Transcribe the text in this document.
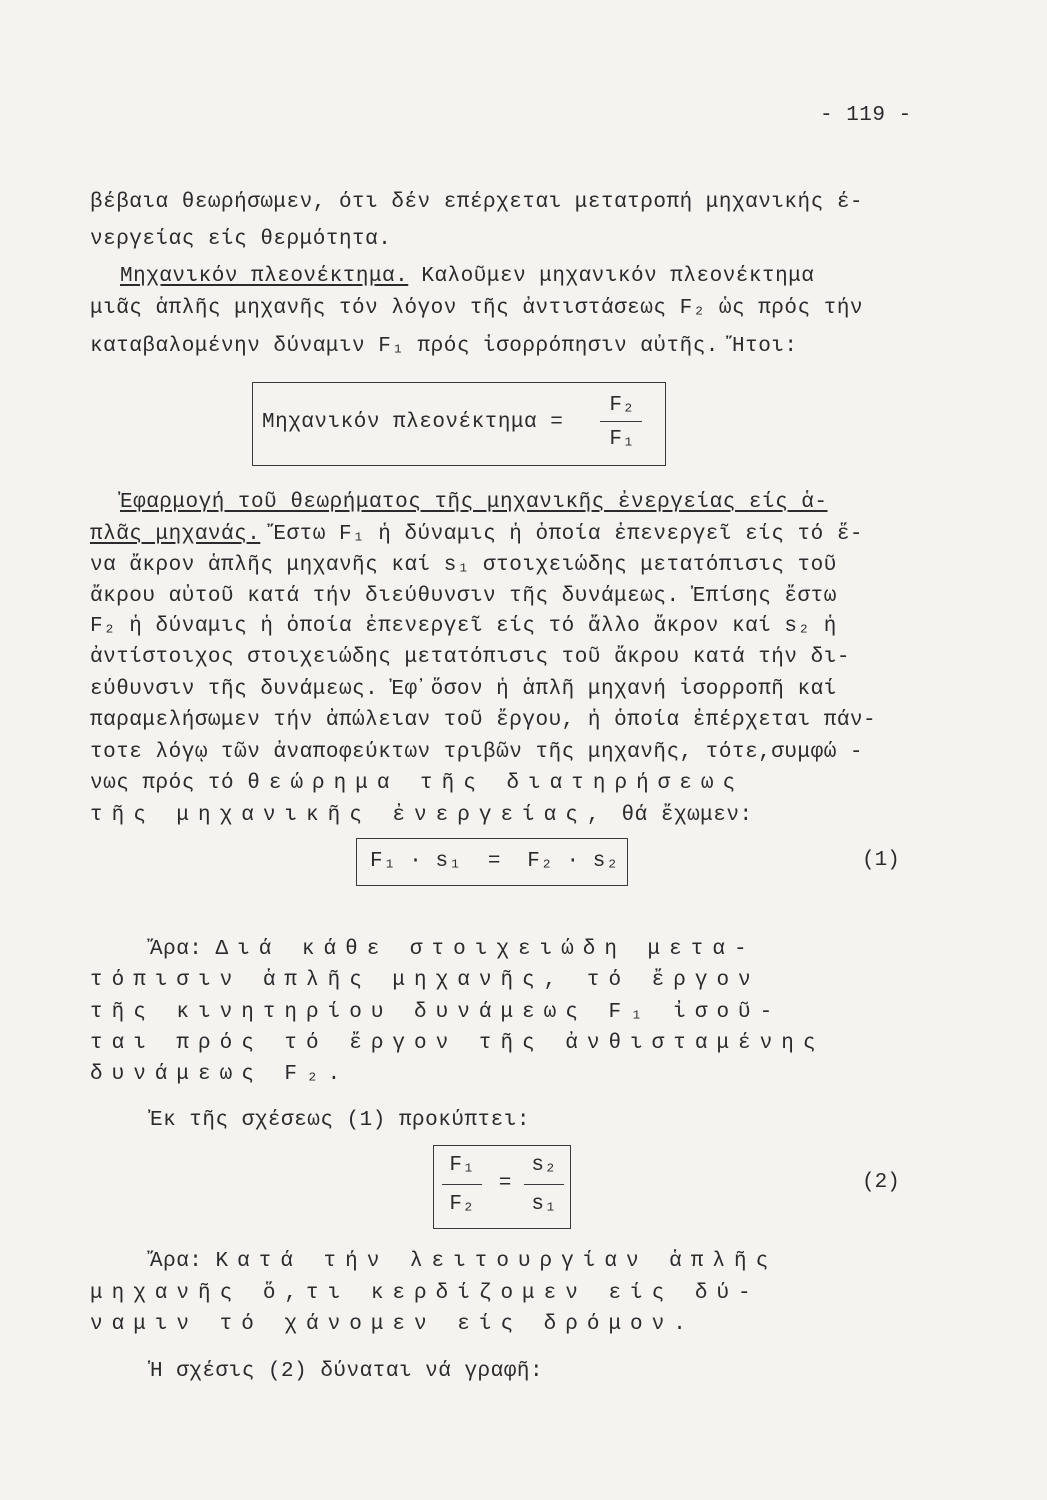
- 119 -
βέβαια θεωρήσωμεν, ότι δέν επέρχεται μετατροπή μηχανικής έ-
νεργείας είς θερμότητα.
Μηχανικόν πλεονέκτημα. Καλοῦμεν μηχανικόν πλεονέκτημα
μιᾶς ἁπλῆς μηχανῆς τόν λόγον τῆς ἀντιστάσεως F₂ ὡς πρός τήν
καταβαλομένην δύναμιν F₁ πρός ἰσορρόπησιν αὐτῆς. Ἤτοι:
Μηχανικόν πλεονέκτημα =
F₂
F₁
Ἐφαρμογή τοῦ θεωρήματος τῆς μηχανικῆς ἐνεργείας είς ἁ-
πλᾶς μηχανάς. Ἔστω F₁ ἡ δύναμις ἡ ὁποία ἐπενεργεῖ είς τό ἕ-
να ἄκρον ἁπλῆς μηχανῆς καί s₁ στοιχειώδης μετατόπισις τοῦ
ἄκρου αὐτοῦ κατά τήν διεύθυνσιν τῆς δυνάμεως. Ἐπίσης ἔστω
F₂ ἡ δύναμις ἡ ὁποία ἐπενεργεῖ είς τό ἄλλο ἄκρον καί s₂ ἡ
ἀντίστοιχος στοιχειώδης μετατόπισις τοῦ ἄκρου κατά τήν δι-
εύθυνσιν τῆς δυνάμεως. Ἐφ᾽ὅσον ἡ ἁπλῆ μηχανή ἰσορροπῆ καί
παραμελήσωμεν τήν ἀπώλειαν τοῦ ἔργου, ἡ ὁποία ἐπέρχεται πάν-
τοτε λόγῳ τῶν ἀναποφεύκτων τριβῶν τῆς μηχανῆς, τότε,συμφώ -
νως πρός τό θεώρημα τῆς διατηρήσεως
τῆς μηχανικῆς ἐνεργείας, θά ἔχωμεν:
F₁ · s₁  =  F₂ · s₂	(1)
Ἄρα: Διά κάθε στοιχειώδη μετα-
τόπισιν ἁπλῆς μηχανῆς, τό ἔργον
τῆς κινητηρίου δυνάμεως F₁ ἰσοῦ-
ται πρός τό ἔργον τῆς ἀνθισταμένης
δυνάμεως F₂.
Ἐκ τῆς σχέσεως (1) προκύπτει:
F₁
F₂
=
s₂
s₁
(2)
Ἄρα: Κατά τήν λειτουργίαν ἁπλῆς
μηχανῆς ὅ,τι κερδίζομεν είς δύ-
ναμιν τό χάνομεν είς δρόμον.
Ἡ σχέσις (2) δύναται νά γραφῆ:
